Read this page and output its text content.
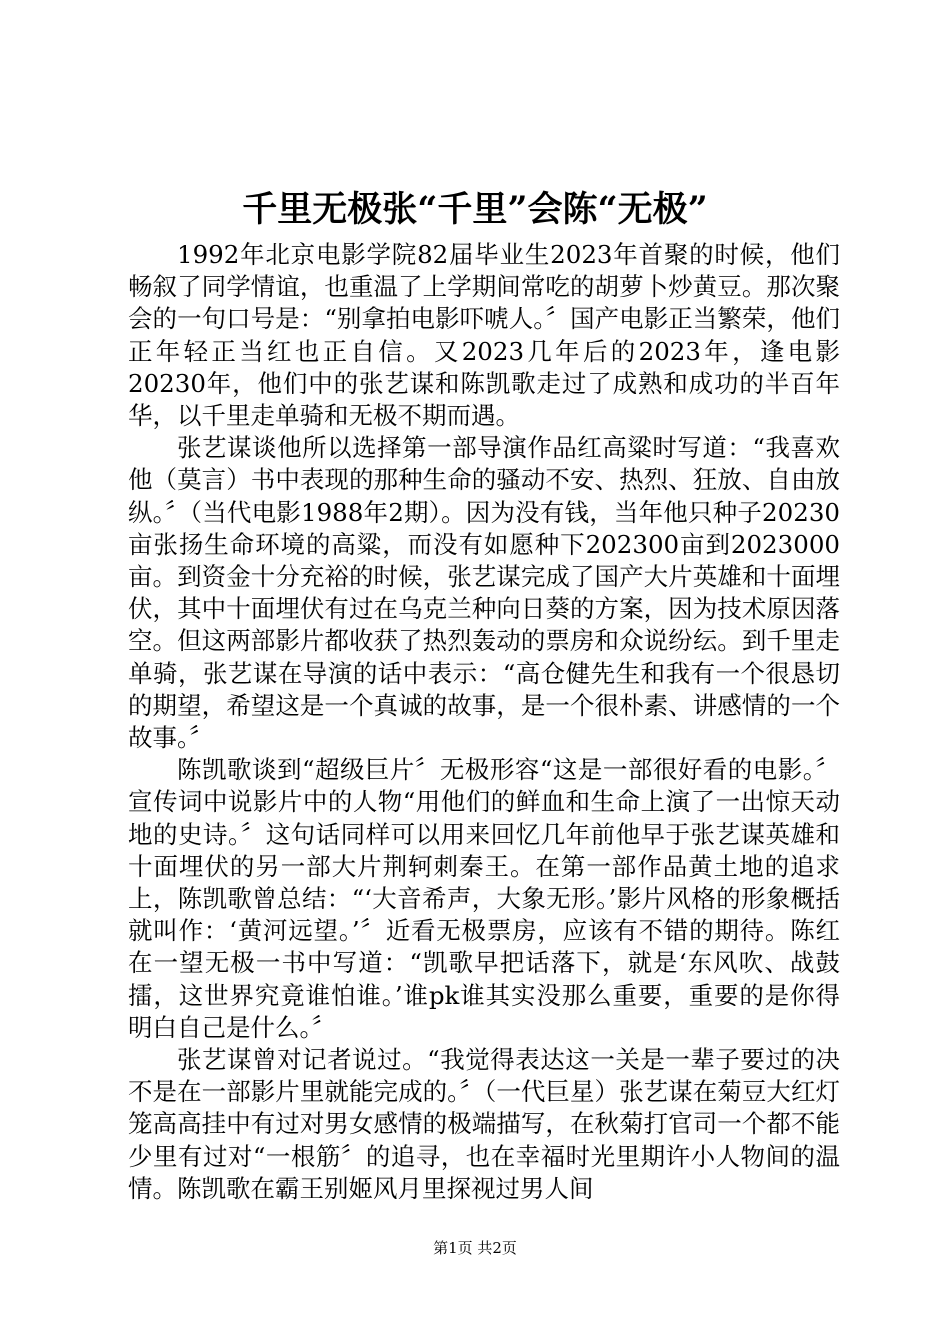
千里无极张“千里”会陈“无极”

1992年北京电影学院82届毕业生2023年首聚的时候，他们畅叙了同学情谊，也重温了上学期间常吃的胡萝卜炒黄豆。那次聚会的一句口号是：“别拿拍电影吓唬人。〞国产电影正当繁荣，他们正年轻正当红也正自信。又2023几年后的2023年，逢电影20230年，他们中的张艺谋和陈凯歌走过了成熟和成功的半百年华，以千里走单骑和无极不期而遇。

张艺谋谈他所以选择第一部导演作品红高粱时写道：“我喜欢他（莫言）书中表现的那种生命的骚动不安、热烈、狂放、自由放纵。〞（当代电影1988年2期）。因为没有钱，当年他只种子20230亩张扬生命环境的高粱，而没有如愿种下202300亩到2023000亩。到资金十分充裕的时候，张艺谋完成了国产大片英雄和十面埋伏，其中十面埋伏有过在乌克兰种向日葵的方案，因为技术原因落空。但这两部影片都收获了热烈轰动的票房和众说纷纭。到千里走单骑，张艺谋在导演的话中表示：“高仓健先生和我有一个很恳切的期望，希望这是一个真诚的故事，是一个很朴素、讲感情的一个故事。〞

陈凯歌谈到“超级巨片〞无极形容“这是一部很好看的电影。〞宣传词中说影片中的人物“用他们的鲜血和生命上演了一出惊天动地的史诗。〞这句话同样可以用来回忆几年前他早于张艺谋英雄和十面埋伏的另一部大片荆轲刺秦王。在第一部作品黄土地的追求上，陈凯歌曾总结：“‘大音希声，大象无形。’影片风格的形象概括就叫作：‘黄河远望。’〞近看无极票房，应该有不错的期待。陈红在一望无极一书中写道：“凯歌早把话落下，就是‘东风吹、战鼓擂，这世界究竟谁怕谁。’谁pk谁其实没那么重要，重要的是你得明白自己是什么。〞

张艺谋曾对记者说过。“我觉得表达这一关是一辈子要过的决不是在一部影片里就能完成的。〞（一代巨星）张艺谋在菊豆大红灯笼高高挂中有过对男女感情的极端描写，在秋菊打官司一个都不能少里有过对“一根筋〞的追寻，也在幸福时光里期许小人物间的温情。陈凯歌在霸王别姬风月里探视过男人间

第1页 共2页
